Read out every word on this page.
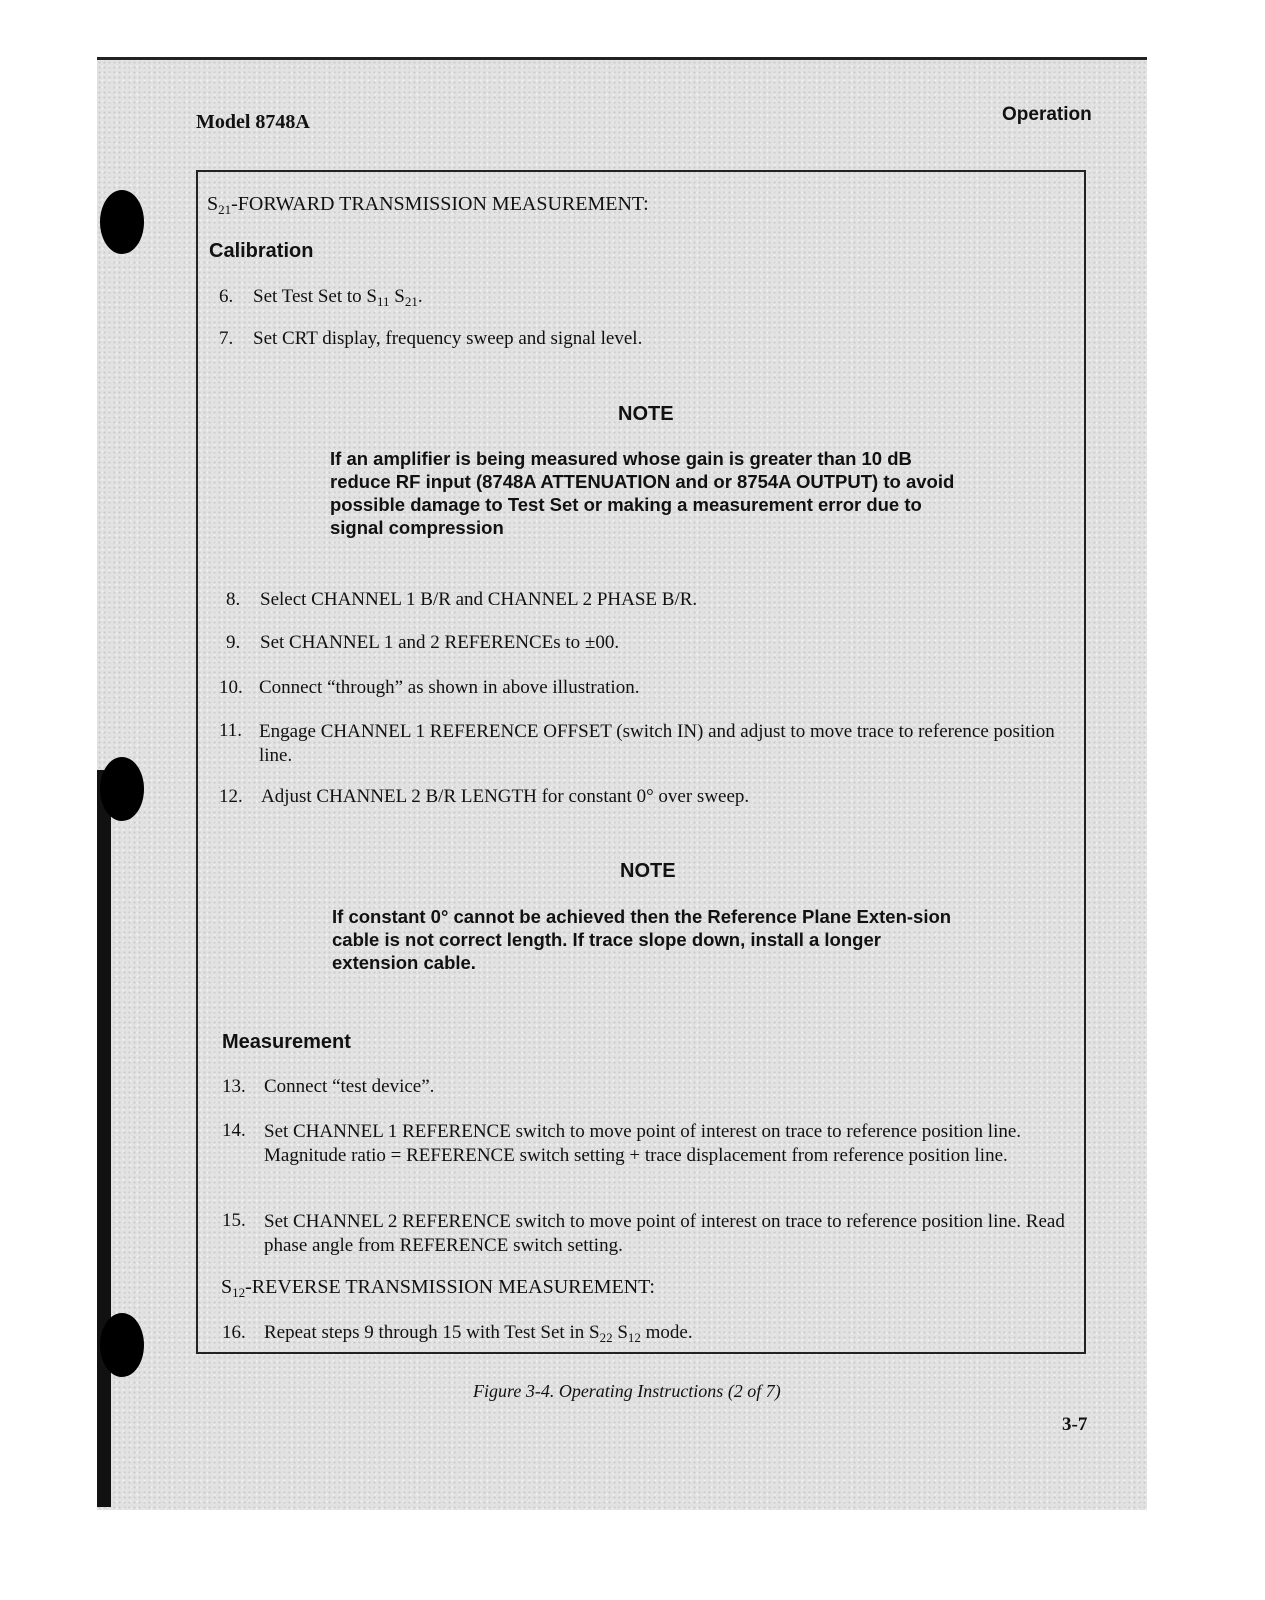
Model 8748A	Operation
$S_{21}$-FORWARD TRANSMISSION MEASUREMENT:
Calibration
6. Set Test Set to $S_{11}$ $S_{21}$.
7. Set CRT display, frequency sweep and signal level.
NOTE
If an amplifier is being measured whose gain is greater than 10 dB reduce RF input (8748A ATTENUATION and or 8754A OUTPUT) to avoid possible damage to Test Set or making a measurement error due to signal compression
8. Select CHANNEL 1 B/R and CHANNEL 2 PHASE B/R.
9. Set CHANNEL 1 and 2 REFERENCEs to ±00.
10. Connect “through” as shown in above illustration.
11. Engage CHANNEL 1 REFERENCE OFFSET (switch IN) and adjust to move trace to reference position line.
12. Adjust CHANNEL 2 B/R LENGTH for constant 0° over sweep.
NOTE
If constant 0° cannot be achieved then the Reference Plane Exten-sion cable is not correct length. If trace slope down, install a longer extension cable.
Measurement
13. Connect “test device”.
14. Set CHANNEL 1 REFERENCE switch to move point of interest on trace to reference position line. Magnitude ratio = REFERENCE switch setting + trace displacement from reference position line.
15. Set CHANNEL 2 REFERENCE switch to move point of interest on trace to reference position line. Read phase angle from REFERENCE switch setting.
$S_{12}$-REVERSE TRANSMISSION MEASUREMENT:
16. Repeat steps 9 through 15 with Test Set in $S_{22}$ $S_{12}$ mode.
Figure 3-4. Operating Instructions (2 of 7)
3-7
